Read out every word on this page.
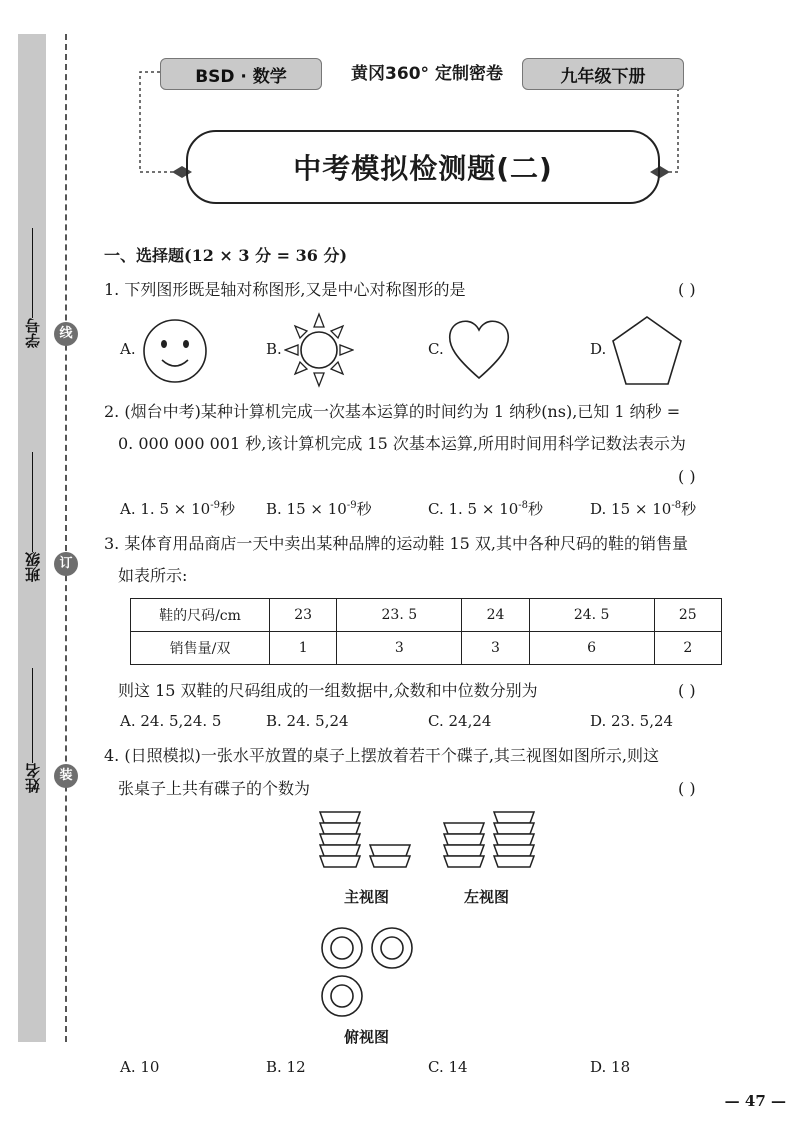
学号
班级
姓名
线
订
装
BSD · 数学	黄冈360° 定制密卷	九年级下册
中考模拟检测题(二)
一、选择题(12 × 3 分 = 36 分)
1. 下列图形既是轴对称图形,又是中心对称图形的是	( )
A.	B.	C.	D.
2. (烟台中考)某种计算机完成一次基本运算的时间约为 1 纳秒(ns),已知 1 纳秒 =
0. 000 000 001 秒,该计算机完成 15 次基本运算,所用时间用科学记数法表示为
( )
A. 1. $5 \times 10^{-9}$秒 B. $15 \times 10^{-9}$秒	C. 1. $5 \times 10^{-8}$秒	D. $15 \times 10^{-8}$秒
3. 某体育用品商店一天中卖出某种品牌的运动鞋 15 双,其中各种尺码的鞋的销售量
如表所示:
鞋的尺码/cm	23	23. 5	24	24. 5	25
销售量/双	1	3	3	6	2
则这 15 双鞋的尺码组成的一组数据中,众数和中位数分别为	( )
A. 24. 5,24. 5	B. 24. 5,24	C. 24,24	D. 23. 5,24
4. (日照模拟)一张水平放置的桌子上摆放着若干个碟子,其三视图如图所示,则这
张桌子上共有碟子的个数为	( )
主视图	左视图
俯视图
A. 10	B. 12	C. 14	D. 18
— 47 —
